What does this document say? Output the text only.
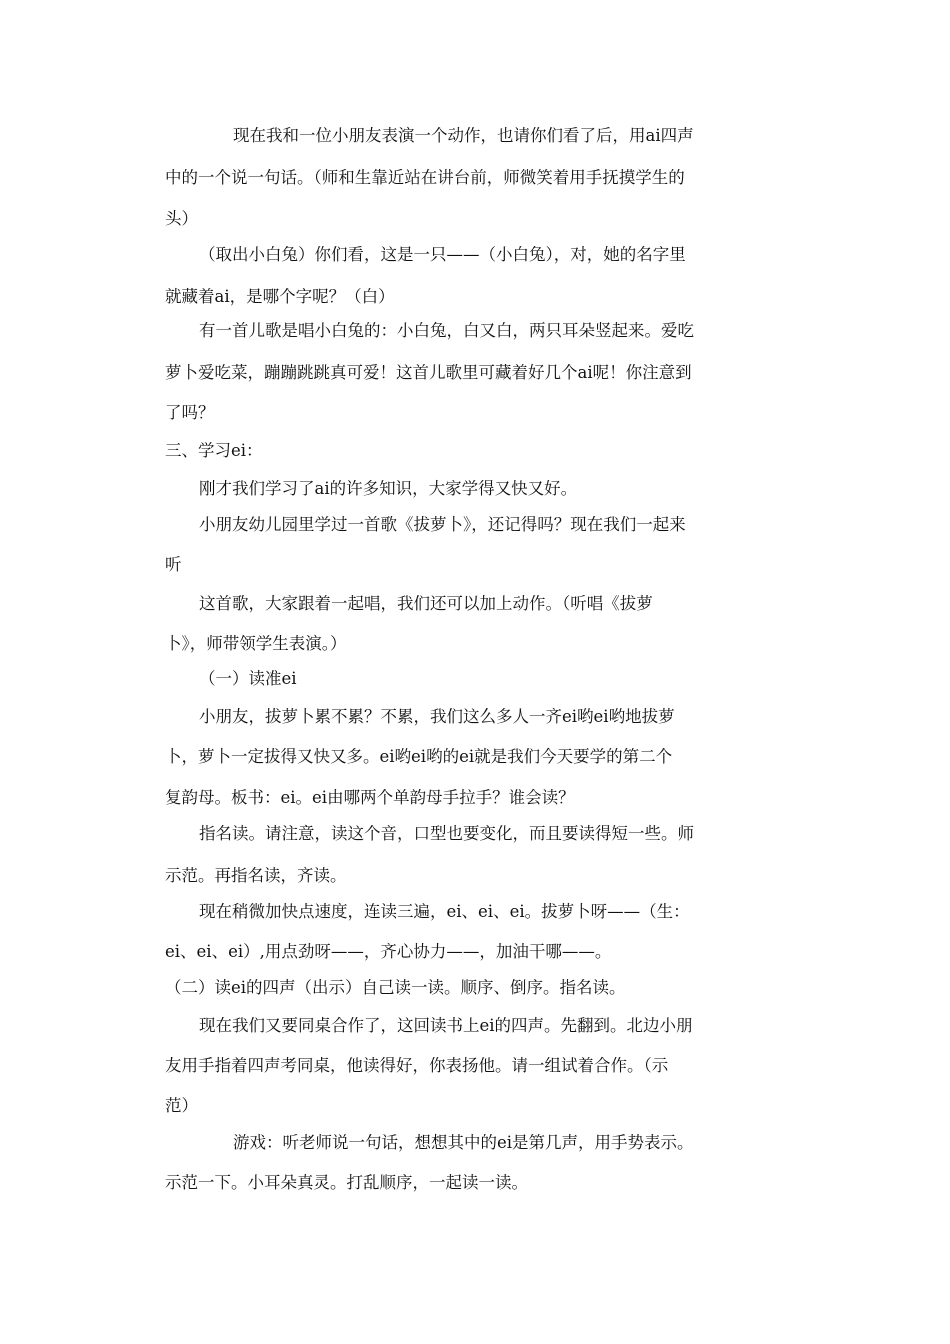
现在我和一位小朋友表演一个动作，也请你们看了后，用ai四声

中的一个说一句话。（师和生靠近站在讲台前，师微笑着用手抚摸学生的

头）

（取出小白兔）你们看，这是一只——（小白兔），对，她的名字里

就藏着ai，是哪个字呢？（白）

有一首儿歌是唱小白兔的：小白兔，白又白，两只耳朵竖起来。爱吃

萝卜爱吃菜，蹦蹦跳跳真可爱！这首儿歌里可藏着好几个ai呢！你注意到

了吗？

三、学习ei：

刚才我们学习了ai的许多知识，大家学得又快又好。

小朋友幼儿园里学过一首歌《拔萝卜》，还记得吗？现在我们一起来

听

这首歌，大家跟着一起唱，我们还可以加上动作。（听唱《拔萝

卜》，师带领学生表演。）

（一）读准ei

小朋友，拔萝卜累不累？不累，我们这么多人一齐ei哟ei哟地拔萝

卜，萝卜一定拔得又快又多。ei哟ei哟的ei就是我们今天要学的第二个

复韵母。板书：ei。ei由哪两个单韵母手拉手？谁会读？

指名读。请注意，读这个音，口型也要变化，而且要读得短一些。师

示范。再指名读，齐读。

现在稍微加快点速度，连读三遍，ei、ei、ei。拔萝卜呀——（生：

ei、ei、ei）,用点劲呀——，齐心协力——，加油干哪——。

（二）读ei的四声（出示）自己读一读。顺序、倒序。指名读。

现在我们又要同桌合作了，这回读书上ei的四声。先翻到。北边小朋

友用手指着四声考同桌，他读得好，你表扬他。请一组试着合作。（示

范）

游戏：听老师说一句话，想想其中的ei是第几声，用手势表示。

示范一下。小耳朵真灵。打乱顺序，一起读一读。
